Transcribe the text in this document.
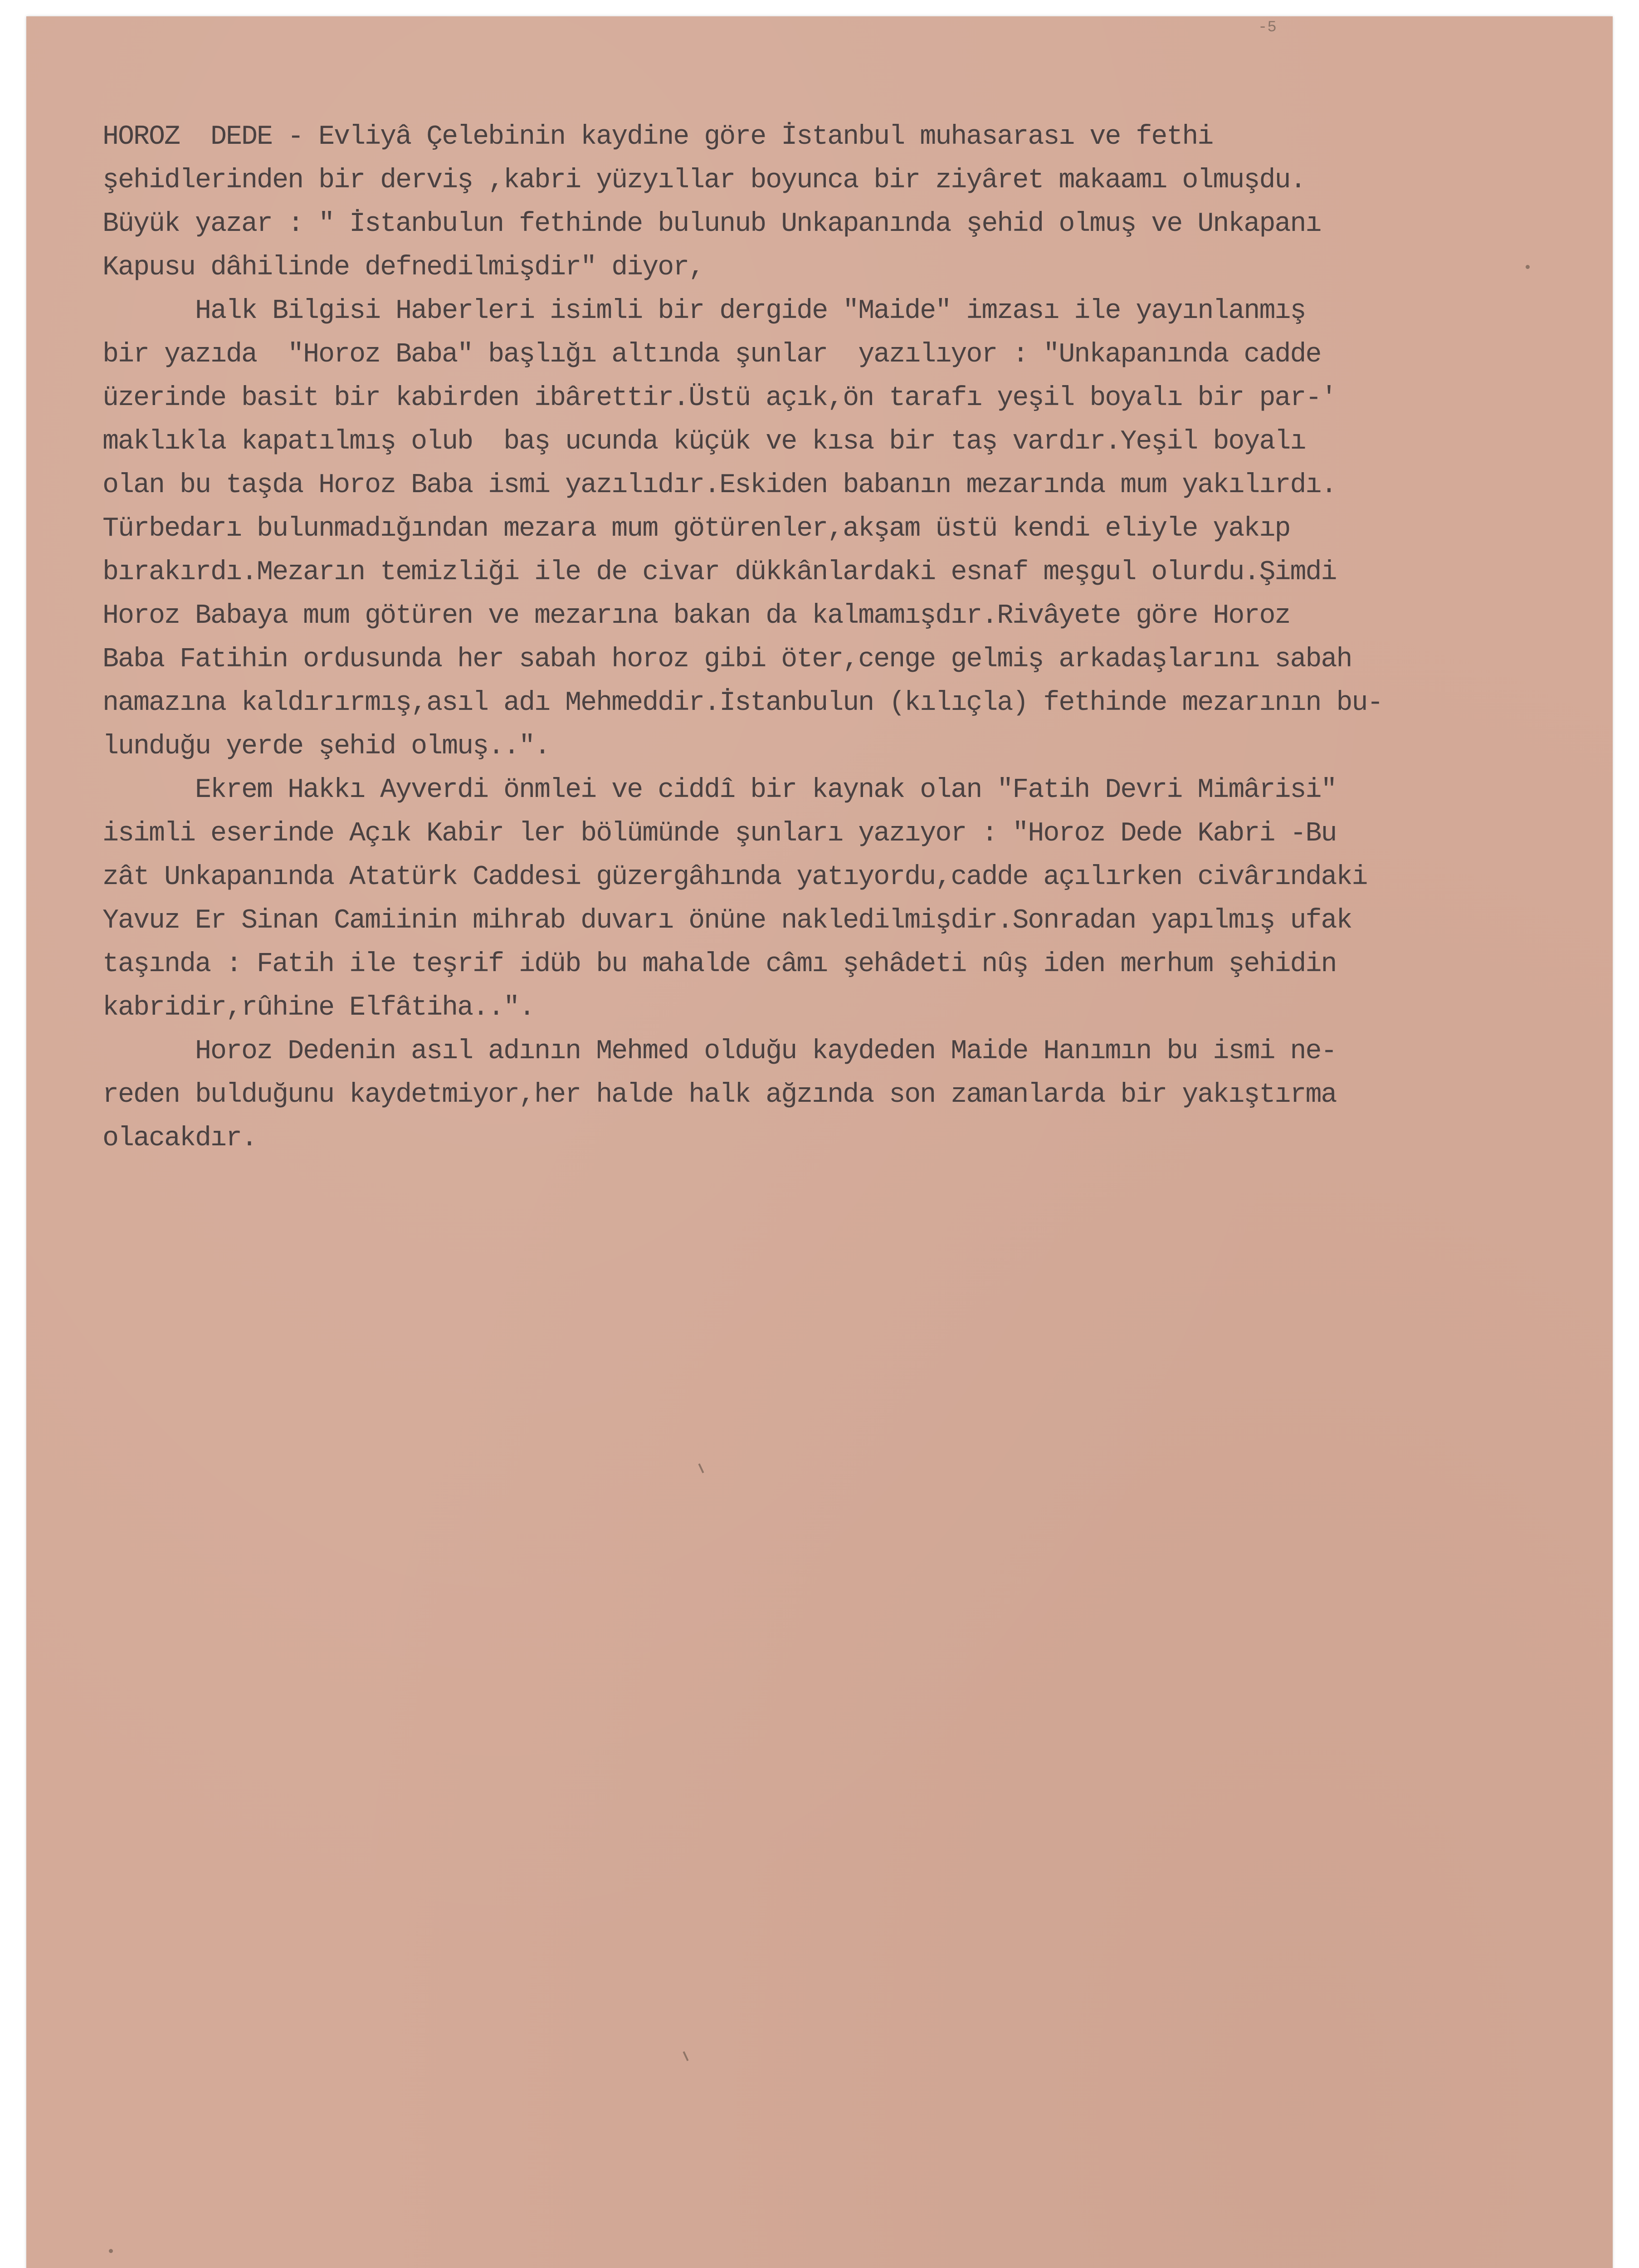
-5
HOROZ  DEDE - Evliyâ Çelebinin kaydine göre İstanbul muhasarası ve fethi
şehidlerinden bir derviş ,kabri yüzyıllar boyunca bir ziyâret makaamı olmuşdu.
Büyük yazar : " İstanbulun fethinde bulunub Unkapanında şehid olmuş ve Unkapanı
Kapusu dâhilinde defnedilmişdir" diyor,
Halk Bilgisi Haberleri isimli bir dergide "Maide" imzası ile yayınlanmış
bir yazıda  "Horoz Baba" başlığı altında şunlar  yazılıyor : "Unkapanında cadde
üzerinde basit bir kabirden ibârettir.Üstü açık,ön tarafı yeşil boyalı bir par-'
maklıkla kapatılmış olub  baş ucunda küçük ve kısa bir taş vardır.Yeşil boyalı
olan bu taşda Horoz Baba ismi yazılıdır.Eskiden babanın mezarında mum yakılırdı.
Türbedarı bulunmadığından mezara mum götürenler,akşam üstü kendi eliyle yakıp
bırakırdı.Mezarın temizliği ile de civar dükkânlardaki esnaf meşgul olurdu.Şimdi
Horoz Babaya mum götüren ve mezarına bakan da kalmamışdır.Rivâyete göre Horoz
Baba Fatihin ordusunda her sabah horoz gibi öter,cenge gelmiş arkadaşlarını sabah
namazına kaldırırmış,asıl adı Mehmeddir.İstanbulun (kılıçla) fethinde mezarının bu-
lunduğu yerde şehid olmuş..".
Ekrem Hakkı Ayverdi önmlei ve ciddî bir kaynak olan "Fatih Devri Mimârisi"
isimli eserinde Açık Kabir ler bölümünde şunları yazıyor : "Horoz Dede Kabri -Bu
zât Unkapanında Atatürk Caddesi güzergâhında yatıyordu,cadde açılırken civârındaki
Yavuz Er Sinan Camiinin mihrab duvarı önüne nakledilmişdir.Sonradan yapılmış ufak
taşında : Fatih ile teşrif idüb bu mahalde câmı şehâdeti nûş iden merhum şehidin
kabridir,rûhine Elfâtiha..".
Horoz Dedenin asıl adının Mehmed olduğu kaydeden Maide Hanımın bu ismi ne-
reden bulduğunu kaydetmiyor,her halde halk ağzında son zamanlarda bir yakıştırma
olacakdır.
